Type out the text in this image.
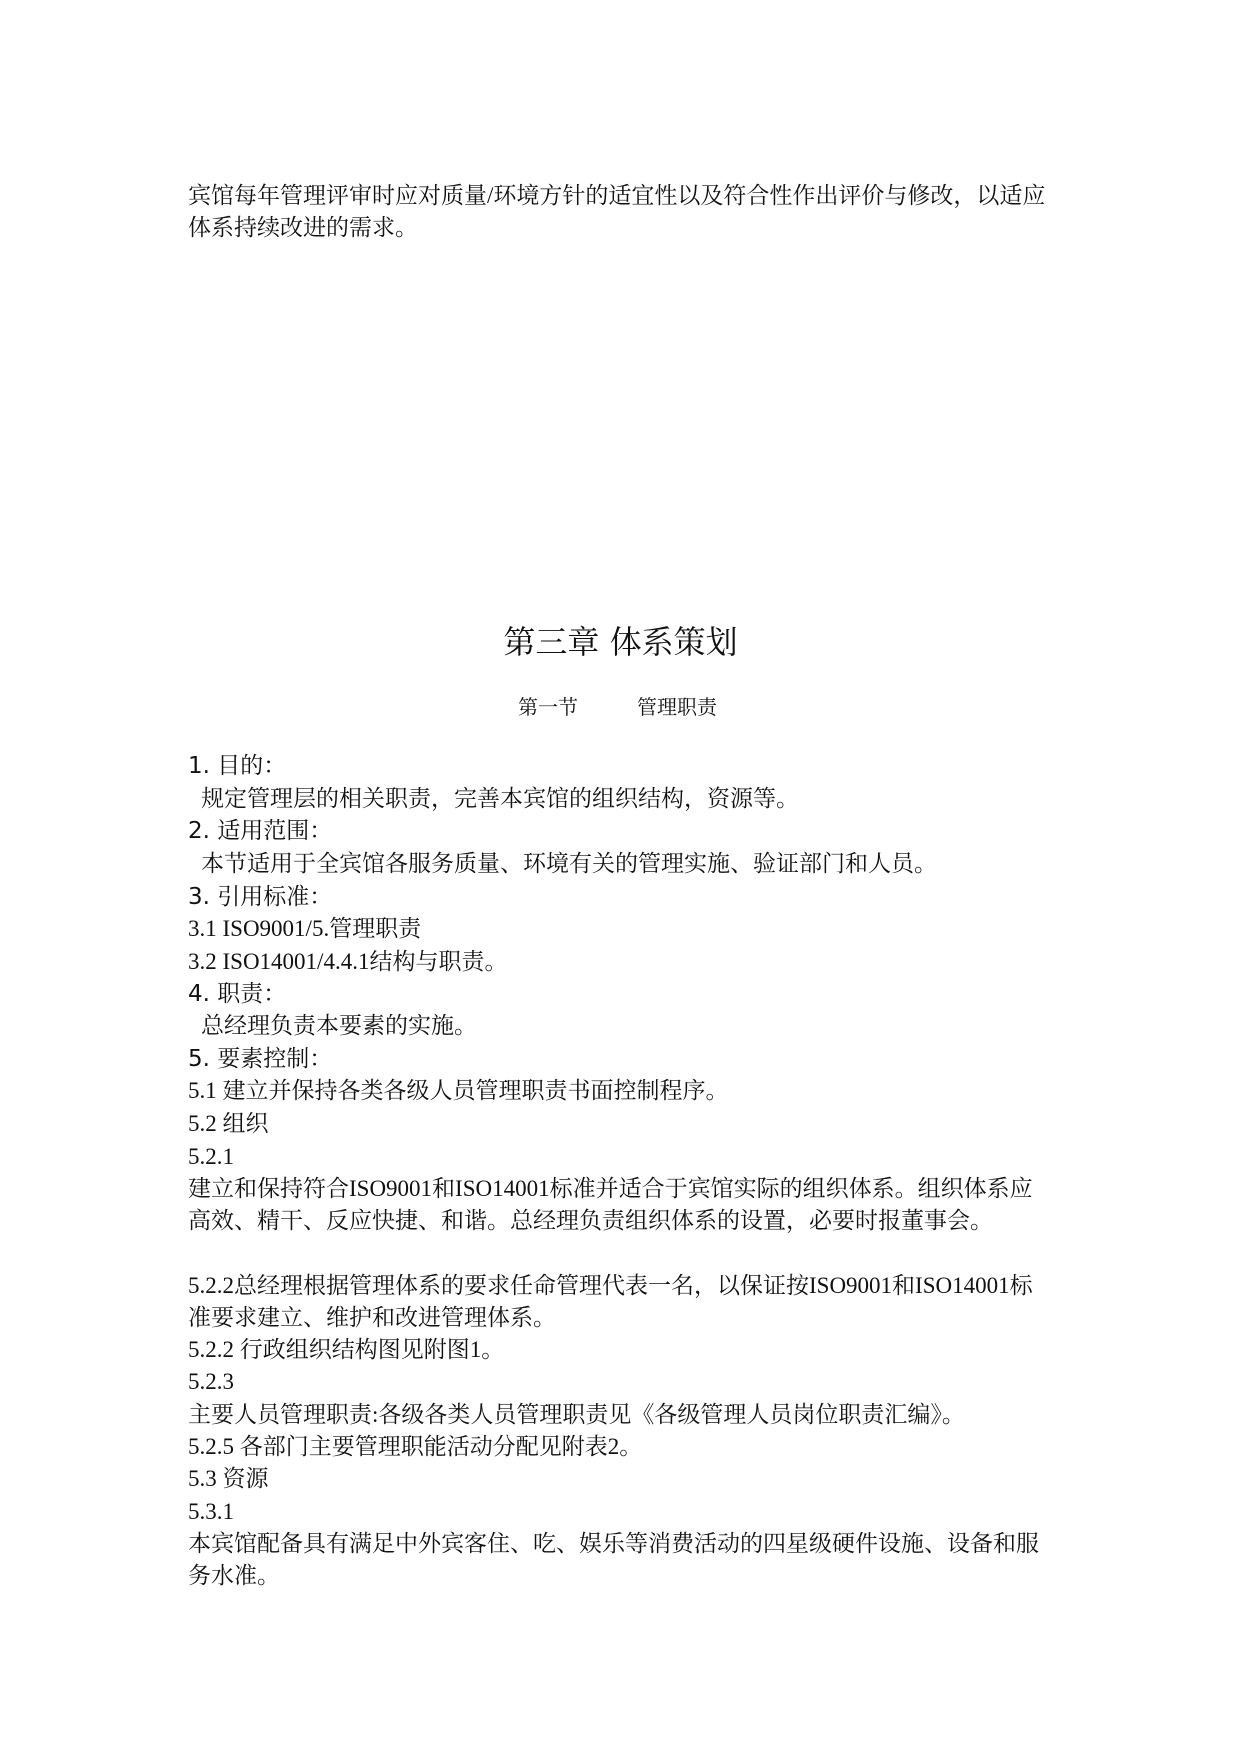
宾馆每年管理评审时应对质量/环境方针的适宜性以及符合性作出评价与修改，以适应体系持续改进的需求。
第三章 体系策划
第一节	管理职责
1. 目的：
规定管理层的相关职责，完善本宾馆的组织结构，资源等。
2. 适用范围：
本节适用于全宾馆各服务质量、环境有关的管理实施、验证部门和人员。
3. 引用标准：
3.1 ISO9001/5.管理职责
3.2 ISO14001/4.4.1结构与职责。
4. 职责：
总经理负责本要素的实施。
5. 要素控制：
5.1 建立并保持各类各级人员管理职责书面控制程序。
5.2 组织
5.2.1
建立和保持符合ISO9001和ISO14001标准并适合于宾馆实际的组织体系。组织体系应高效、精干、反应快捷、和谐。总经理负责组织体系的设置，必要时报董事会。
5.2.2总经理根据管理体系的要求任命管理代表一名，以保证按ISO9001和ISO14001标准要求建立、维护和改进管理体系。
5.2.2 行政组织结构图见附图1。
5.2.3
主要人员管理职责:各级各类人员管理职责见《各级管理人员岗位职责汇编》。
5.2.5 各部门主要管理职能活动分配见附表2。
5.3 资源
5.3.1
本宾馆配备具有满足中外宾客住、吃、娱乐等消费活动的四星级硬件设施、设备和服务水准。
